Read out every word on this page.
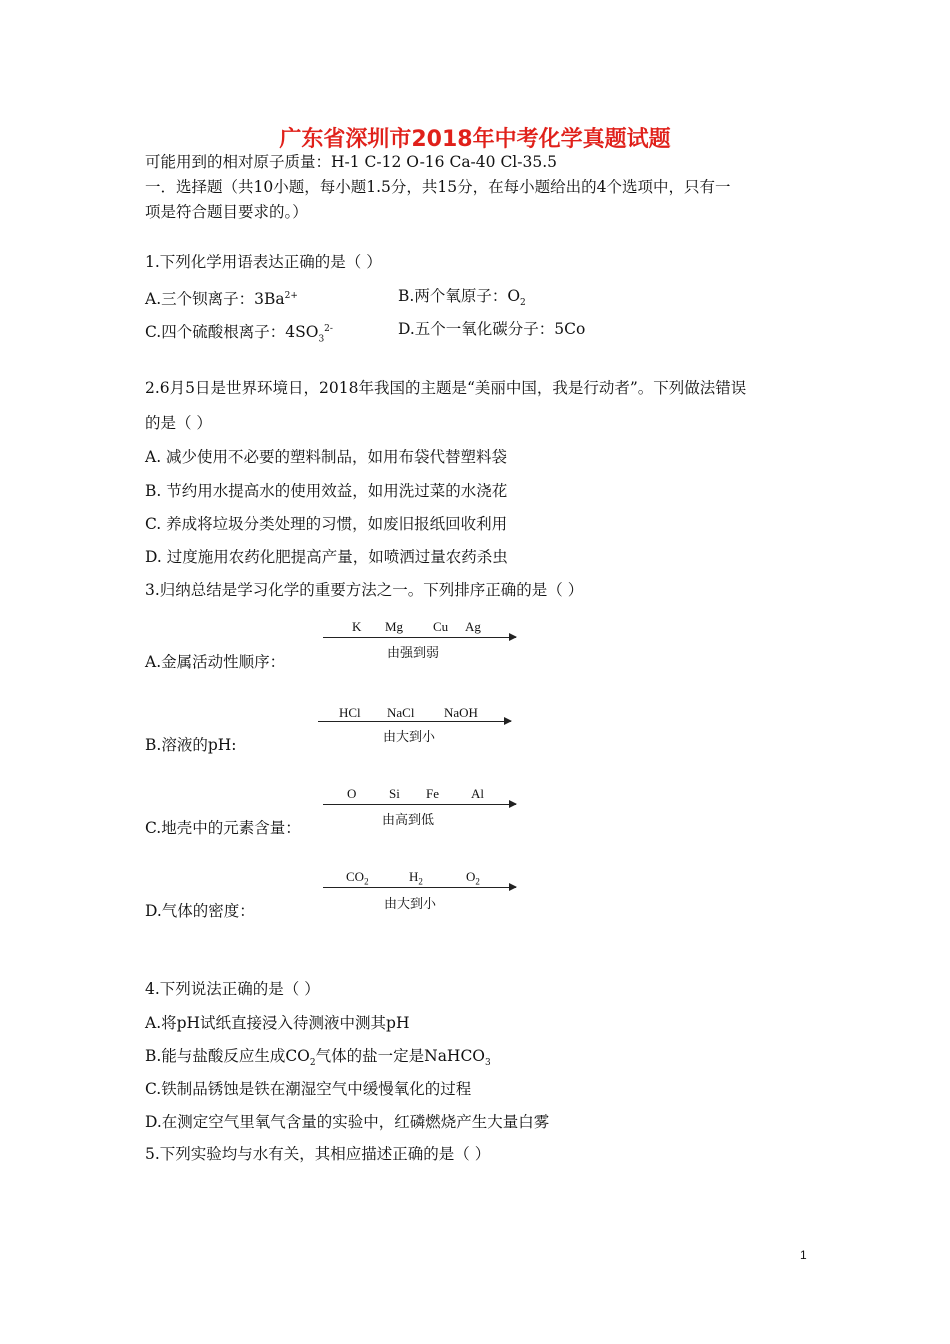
广东省深圳市2018年中考化学真题试题
可能用到的相对原子质量：H-1 C-12 O-16 Ca-40 Cl-35.5
一．选择题（共10小题，每小题1.5分，共15分，在每小题给出的4个选项中，只有一
项是符合题目要求的。）
1.下列化学用语表达正确的是（ ）
A.三个钡离子：$3Ba^{2+}$	B.两个氧原子：$O_2$
C.四个硫酸根离子：$4SO_3^{2-}$	D.五个一氧化碳分子：5Co
2.6月5日是世界环境日，2018年我国的主题是“美丽中国，我是行动者”。下列做法错误
的是（ ）
A. 减少使用不必要的塑料制品，如用布袋代替塑料袋
B. 节约用水提高水的使用效益，如用洗过菜的水浇花
C. 养成将垃圾分类处理的习惯，如废旧报纸回收利用
D. 过度施用农药化肥提高产量，如喷洒过量农药杀虫
3.归纳总结是学习化学的重要方法之一。下列排序正确的是（ ）
K Mg Cu Ag
由强到弱
A.金属活动性顺序：
HCl NaCl NaOH
由大到小
B.溶液的pH:
O	Si Fe Al
由高到低
C.地壳中的元素含量：
$CO_2$	$H_2$	$O_2$
由大到小
D.气体的密度：
4.下列说法正确的是（ ）
A.将pH试纸直接浸入待测液中测其pH
B.能与盐酸反应生成$CO_2$气体的盐一定是NaHCO$_3$
C.铁制品锈蚀是铁在潮湿空气中缓慢氧化的过程
D.在测定空气里氧气含量的实验中，红磷燃烧产生大量白雾
5.下列实验均与水有关，其相应描述正确的是（ ）
1
